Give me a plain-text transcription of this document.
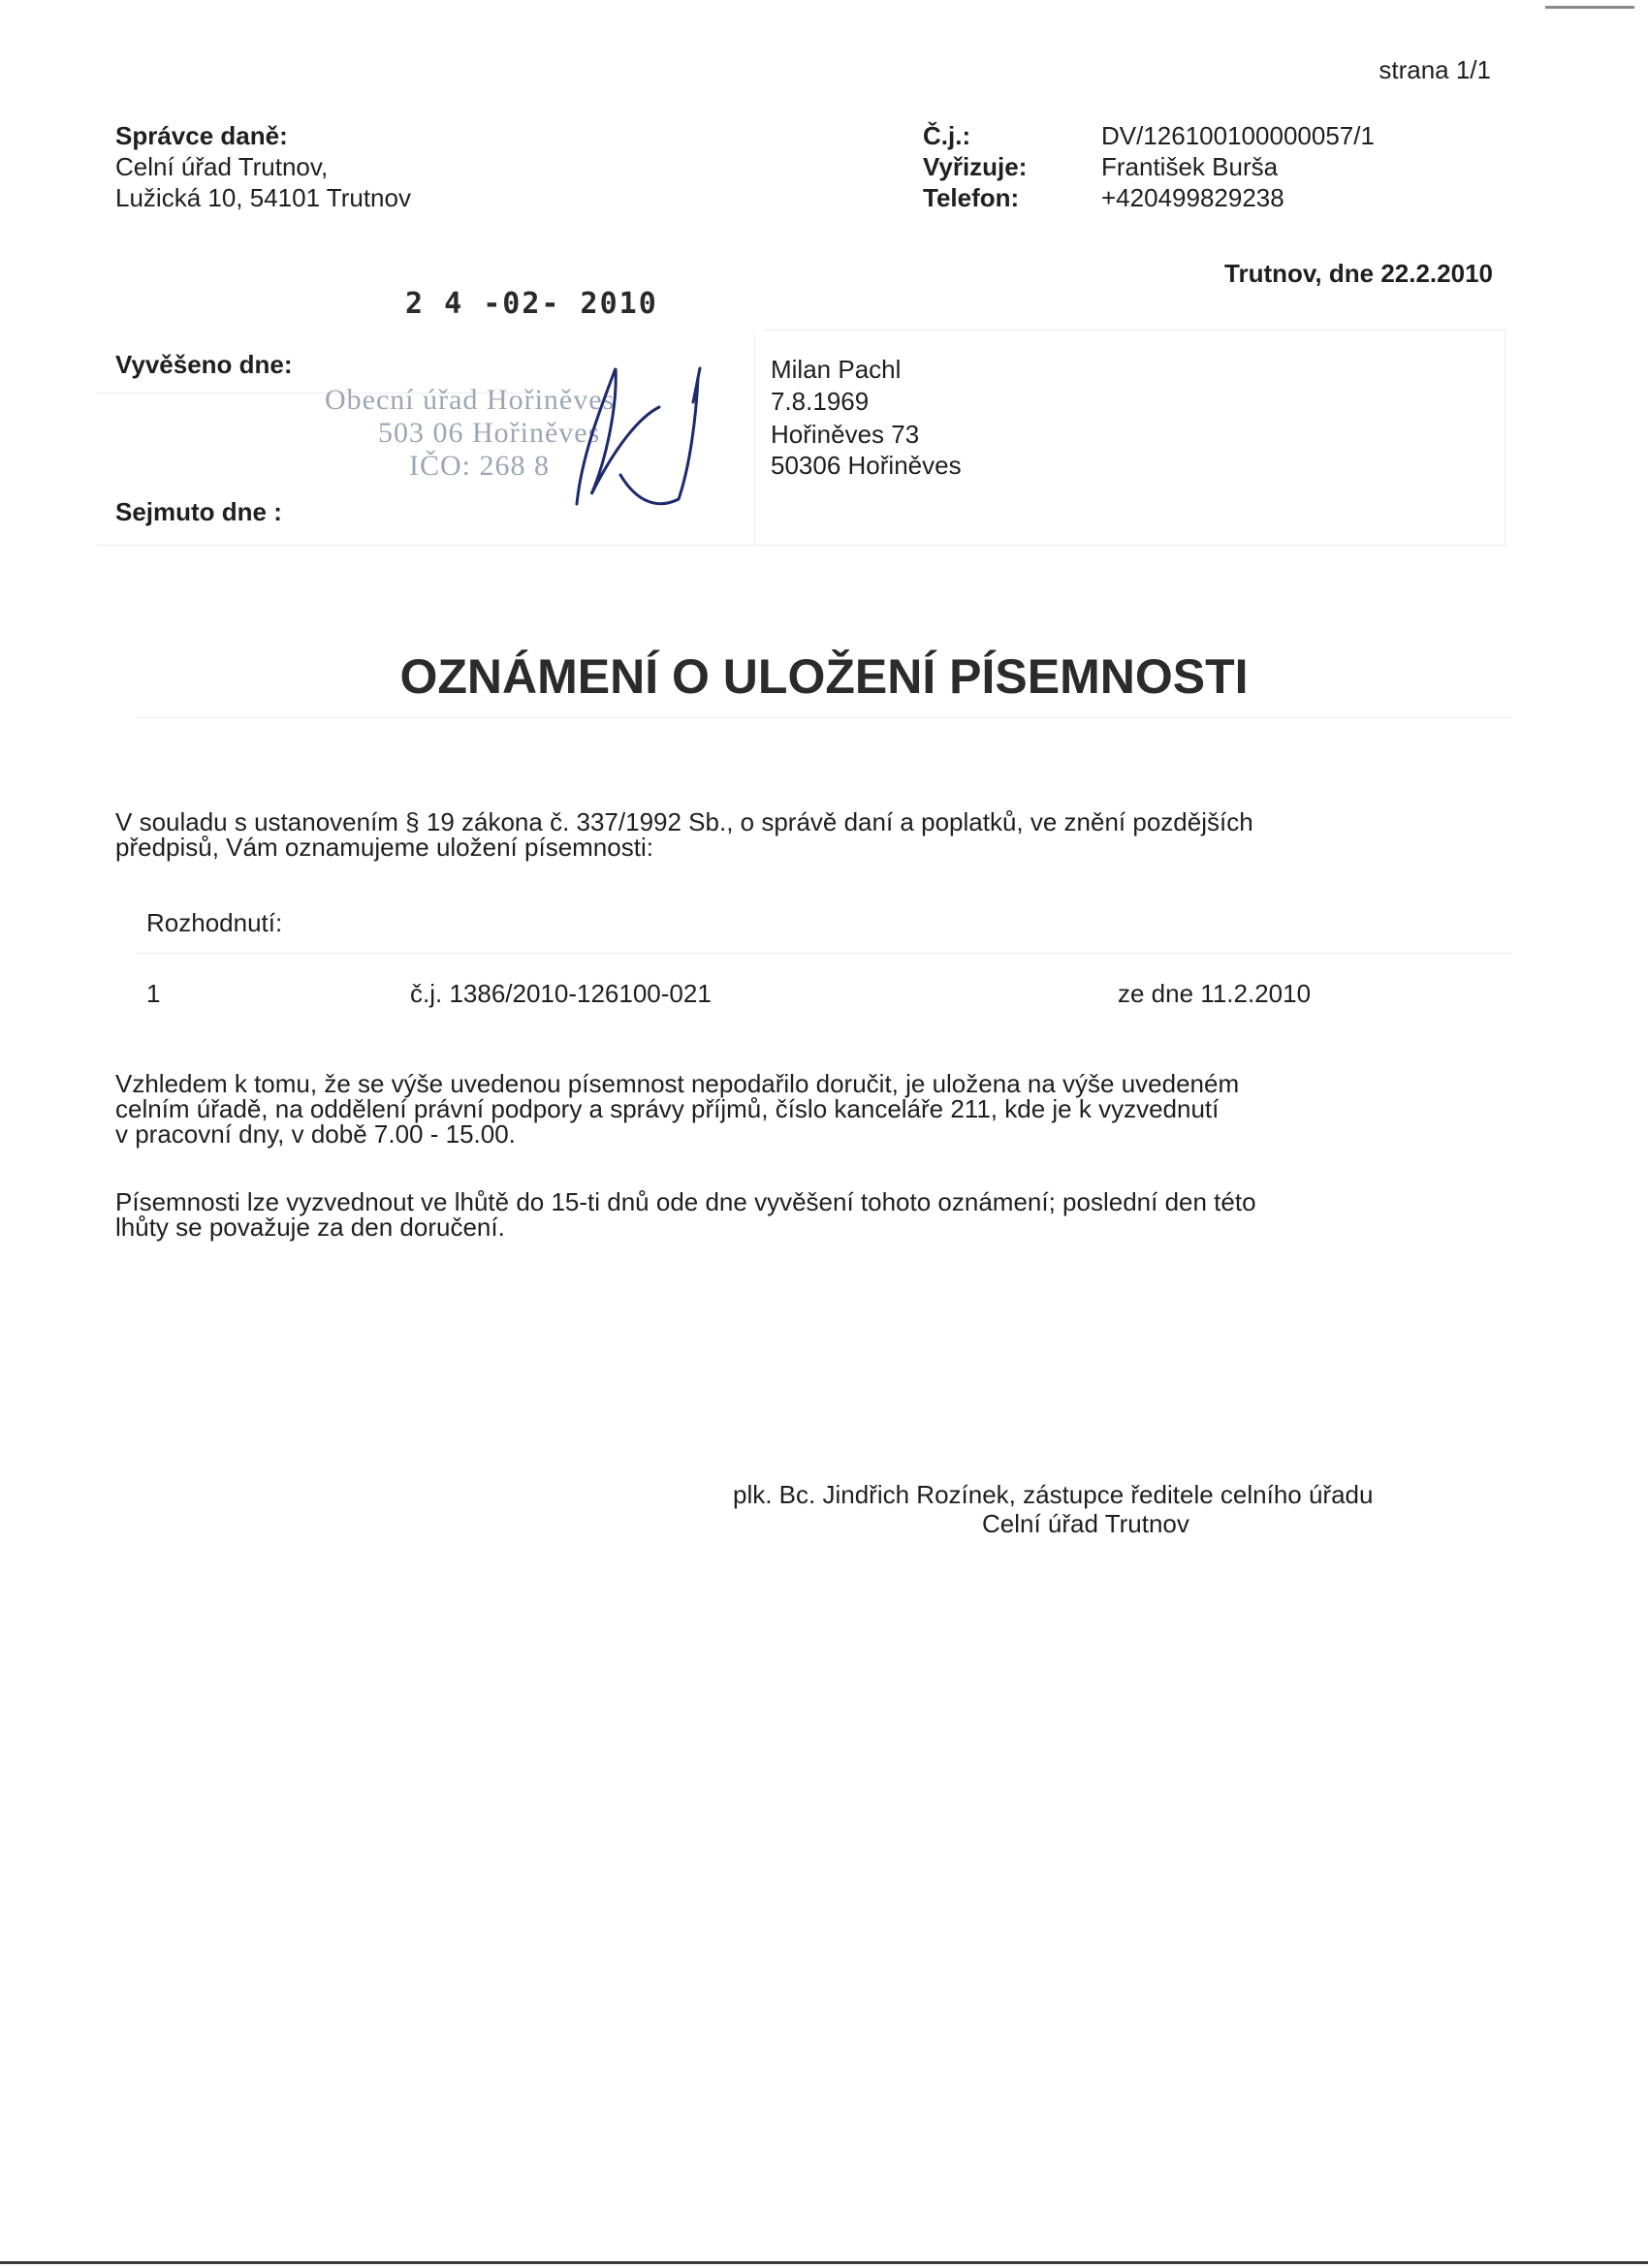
strana 1/1
Správce daně:
Celní úřad Trutnov,
Lužická 10, 54101 Trutnov
Č.j.:	DV/126100100000057/1
Vyřizuje:	František Burša
Telefon:	+420499829238
Trutnov, dne 22.2.2010
2 4 -02- 2010
Vyvěšeno dne:
Sejmuto dne :
Obecní úřad Hořiněves
503 06 Hořiněves
IČO: 268 8
Milan Pachl
7.8.1969
Hořiněves 73
50306 Hořiněves
OZNÁMENÍ O ULOŽENÍ PÍSEMNOSTI
V souladu s ustanovením § 19 zákona č. 337/1992 Sb., o správě daní a poplatků, ve znění pozdějších
předpisů, Vám oznamujeme uložení písemnosti:
Rozhodnutí:
1	č.j. 1386/2010-126100-021	ze dne 11.2.2010
Vzhledem k tomu, že se výše uvedenou písemnost nepodařilo doručit, je uložena na výše uvedeném
celním úřadě, na oddělení právní podpory a správy příjmů, číslo kanceláře 211, kde je k vyzvednutí
v pracovní dny, v době 7.00 - 15.00.
Písemnosti lze vyzvednout ve lhůtě do 15-ti dnů ode dne vyvěšení tohoto oznámení; poslední den této
lhůty se považuje za den doručení.
plk. Bc. Jindřich Rozínek, zástupce ředitele celního úřadu
Celní úřad Trutnov
